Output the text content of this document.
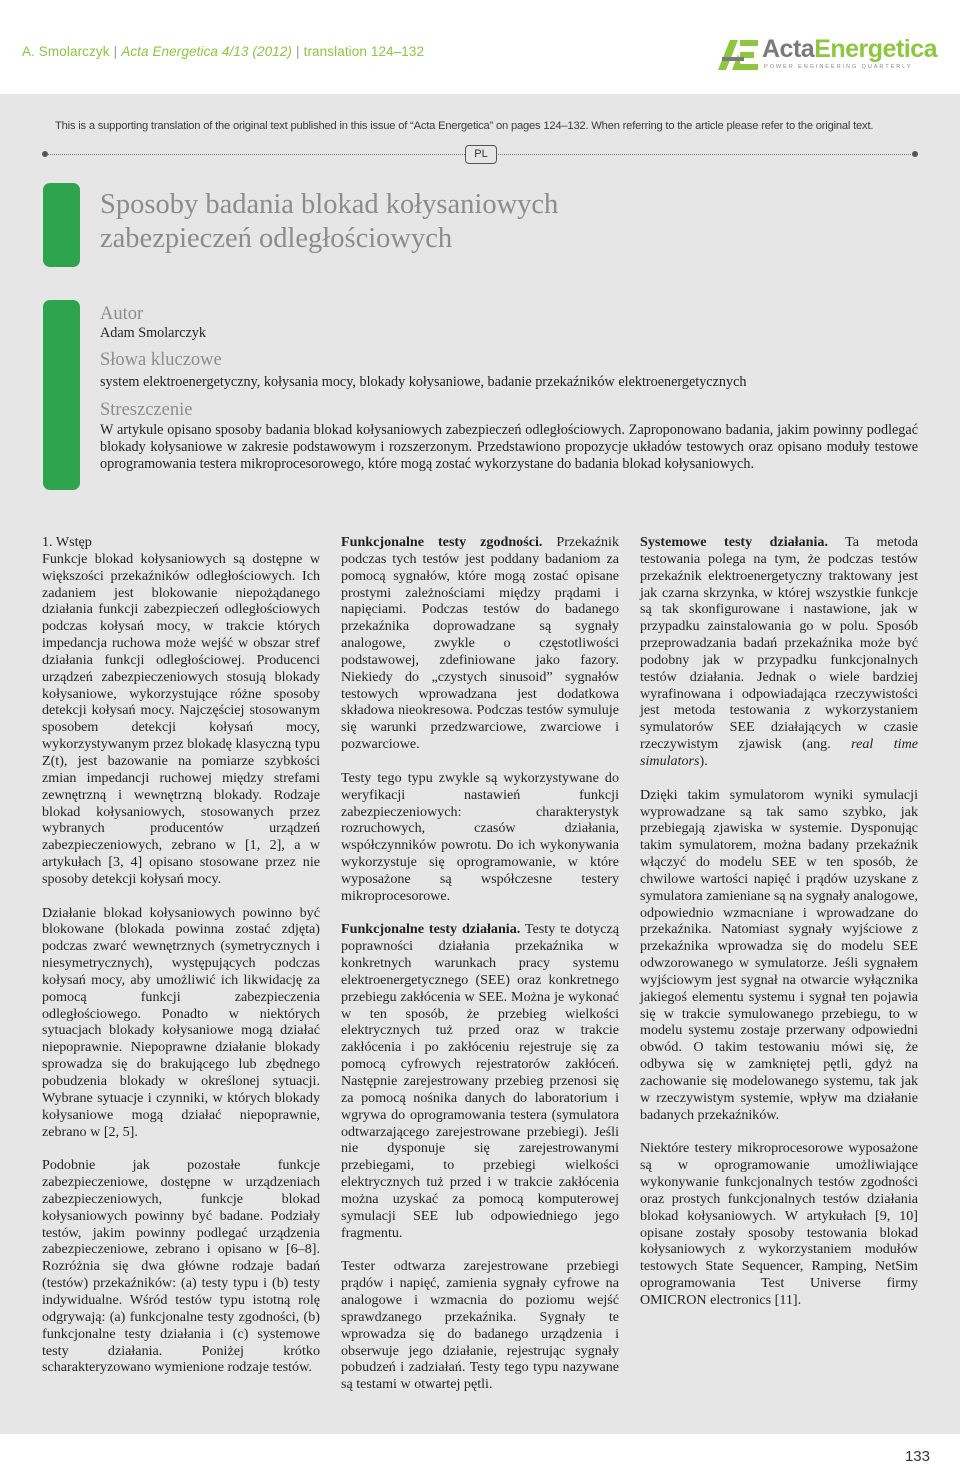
A. Smolarczyk | Acta Energetica 4/13 (2012) | translation 124–132	ActaEnergetica
POWER ENGINEERING QUARTERLY
This is a supporting translation of the original text published in this issue of “Acta Energetica” on pages 124–132. When referring to the article please refer to the original text.
PL
Sposoby badania blokad kołysaniowych
zabezpieczeń odległościowych
Autor
Adam Smolarczyk
Słowa kluczowe
system elektroenergetyczny, kołysania mocy, blokady kołysaniowe, badanie przekaźników elektroenergetycznych
Streszczenie
W artykule opisano sposoby badania blokad kołysaniowych zabezpieczeń odległościowych. Zaproponowano badania, jakim powinny podlegać blokady kołysaniowe w zakresie podstawowym i rozszerzonym. Przedstawiono propozycje układów testowych oraz opisano moduły testowe oprogramowania testera mikroprocesorowego, które mogą zostać wykorzystane do badania blokad kołysaniowych.
1. Wstęp

Funkcje blokad kołysaniowych są dostępne w większości przekaźników odległościowych. Ich zadaniem jest blokowanie niepożądanego działania funkcji zabezpieczeń odległościowych podczas kołysań mocy, w trakcie których impedancja ruchowa może wejść w obszar stref działania funkcji odległościowej. Producenci urządzeń zabezpieczeniowych stosują blokady kołysaniowe, wykorzystujące różne sposoby detekcji kołysań mocy. Najczęściej stosowanym sposobem detekcji kołysań mocy, wykorzystywanym przez blokadę klasyczną typu Z(t), jest bazowanie na pomiarze szybkości zmian impedancji ruchowej między strefami zewnętrzną i wewnętrzną blokady. Rodzaje blokad kołysaniowych, stosowanych przez wybranych producentów urządzeń zabezpieczeniowych, zebrano w [1, 2], a w artykułach [3, 4] opisano stosowane przez nie sposoby detekcji kołysań mocy.

Działanie blokad kołysaniowych powinno być blokowane (blokada powinna zostać zdjęta) podczas zwarć wewnętrznych (symetrycznych i niesymetrycznych), występujących podczas kołysań mocy, aby umożliwić ich likwidację za pomocą funkcji zabezpieczenia odległościowego. Ponadto w niektórych sytuacjach blokady kołysaniowe mogą działać niepoprawnie. Niepoprawne działanie blokady sprowadza się do brakującego lub zbędnego pobudzenia blokady w określonej sytuacji. Wybrane sytuacje i czynniki, w których blokady kołysaniowe mogą działać niepoprawnie, zebrano w [2, 5].

Podobnie jak pozostałe funkcje zabezpieczeniowe, dostępne w urządzeniach zabezpieczeniowych, funkcje blokad kołysaniowych powinny być badane. Podziały testów, jakim powinny podlegać urządzenia zabezpieczeniowe, zebrano i opisano w [6–8]. Rozróżnia się dwa główne rodzaje badań (testów) przekaźników: (a) testy typu i (b) testy indywidualne. Wśród testów typu istotną rolę odgrywają: (a) funkcjonalne testy zgodności, (b) funkcjonalne testy działania i (c) systemowe testy działania. Poniżej krótko scharakteryzowano wymienione rodzaje testów.

Funkcjonalne testy zgodności. Przekaźnik podczas tych testów jest poddany badaniom za pomocą sygnałów, które mogą zostać opisane prostymi zależnościami między prądami i napięciami. Podczas testów do badanego przekaźnika doprowadzane są sygnały analogowe, zwykle o częstotliwości podstawowej, zdefiniowane jako fazory. Niekiedy do „czystych sinusoid” sygnałów testowych wprowadzana jest dodatkowa składowa nieokresowa. Podczas testów symuluje się warunki przedzwarciowe, zwarciowe i pozwarciowe.

Testy tego typu zwykle są wykorzystywane do weryfikacji nastawień funkcji zabezpieczeniowych: charakterystyk rozruchowych, czasów działania, współczynników powrotu. Do ich wykonywania wykorzystuje się oprogramowanie, w które wyposażone są współczesne testery mikroprocesorowe.

Funkcjonalne testy działania. Testy te dotyczą poprawności działania przekaźnika w konkretnych warunkach pracy systemu elektroenergetycznego (SEE) oraz konkretnego przebiegu zakłócenia w SEE. Można je wykonać w ten sposób, że przebieg wielkości elektrycznych tuż przed oraz w trakcie zakłócenia i po zakłóceniu rejestruje się za pomocą cyfrowych rejestratorów zakłóceń. Następnie zarejestrowany przebieg przenosi się za pomocą nośnika danych do laboratorium i wgrywa do oprogramowania testera (symulatora odtwarzającego zarejestrowane przebiegi). Jeśli nie dysponuje się zarejestrowanymi przebiegami, to przebiegi wielkości elektrycznych tuż przed i w trakcie zakłócenia można uzyskać za pomocą komputerowej symulacji SEE lub odpowiedniego jego fragmentu.

Tester odtwarza zarejestrowane przebiegi prądów i napięć, zamienia sygnały cyfrowe na analogowe i wzmacnia do poziomu wejść sprawdzanego przekaźnika. Sygnały te wprowadza się do badanego urządzenia i obserwuje jego działanie, rejestrując sygnały pobudzeń i zadziałań. Testy tego typu nazywane są testami w otwartej pętli.

Systemowe testy działania. Ta metoda testowania polega na tym, że podczas testów przekaźnik elektroenergetyczny traktowany jest jak czarna skrzynka, w której wszystkie funkcje są tak skonfigurowane i nastawione, jak w przypadku zainstalowania go w polu. Sposób przeprowadzania badań przekaźnika może być podobny jak w przypadku funkcjonalnych testów działania. Jednak o wiele bardziej wyrafinowana i odpowiadająca rzeczywistości jest metoda testowania z wykorzystaniem symulatorów SEE działających w czasie rzeczywistym zjawisk (ang. real time simulators).

Dzięki takim symulatorom wyniki symulacji wyprowadzane są tak samo szybko, jak przebiegają zjawiska w systemie. Dysponując takim symulatorem, można badany przekaźnik włączyć do modelu SEE w ten sposób, że chwilowe wartości napięć i prądów uzyskane z symulatora zamieniane są na sygnały analogowe, odpowiednio wzmacniane i wprowadzane do przekaźnika. Natomiast sygnały wyjściowe z przekaźnika wprowadza się do modelu SEE odwzorowanego w symulatorze. Jeśli sygnałem wyjściowym jest sygnał na otwarcie wyłącznika jakiegoś elementu systemu i sygnał ten pojawia się w trakcie symulowanego przebiegu, to w modelu systemu zostaje przerwany odpowiedni obwód. O takim testowaniu mówi się, że odbywa się w zamkniętej pętli, gdyż na zachowanie się modelowanego systemu, tak jak w rzeczywistym systemie, wpływ ma działanie badanych przekaźników.

Niektóre testery mikroprocesorowe wyposażone są w oprogramowanie umożliwiające wykonywanie funkcjonalnych testów zgodności oraz prostych funkcjonalnych testów działania blokad kołysaniowych. W artykułach [9, 10] opisane zostały sposoby testowania blokad kołysaniowych z wykorzystaniem modułów testowych State Sequencer, Ramping, NetSim oprogramowania Test Universe firmy OMICRON electronics [11].

133
